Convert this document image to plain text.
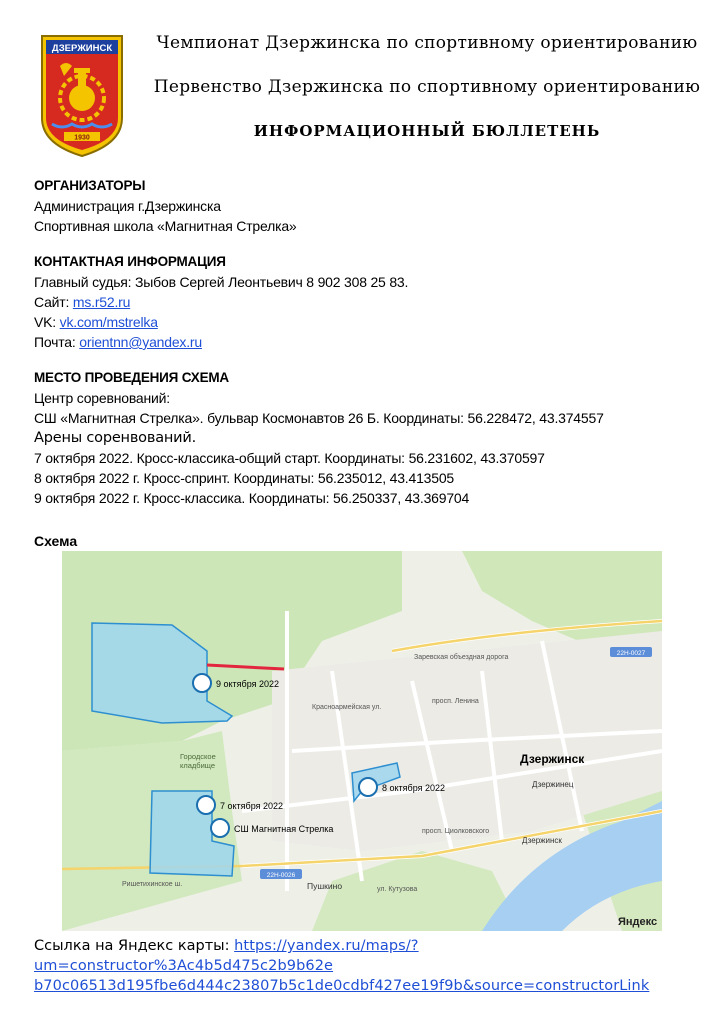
ДЗЕРЖИНСК
1930
Чемпионат Дзержинска по спортивному ориентированию
Первенство Дзержинска по спортивному ориентированию
ИНФОРМАЦИОННЫЙ БЮЛЛЕТЕНЬ

ОРГАНИЗАТОРЫ

Администрация г.Дзержинска

Спортивная школа «Магнитная Стрелка»

КОНТАКТНАЯ ИНФОРМАЦИЯ

Главный судья: Зыбов Сергей Леонтьевич 8 902 308 25 83.

Сайт: ms.r52.ru

VK: vk.com/mstrelka

Почта: orientnn@yandex.ru

МЕСТО ПРОВЕДЕНИЯ СХЕМА

Центр соревнований:

СШ «Магнитная Стрелка». бульвар Космонавтов 26 Б. Координаты: 56.228472, 43.374557

Арены соренвований.

7 октября 2022. Кросс-классика-общий старт. Координаты: 56.231602, 43.370597

8 октября 2022 г. Кросс-спринт. Координаты: 56.235012, 43.413505

9 октября 2022 г. Кросс-классика. Координаты: 56.250337, 43.369704

Схема
9 октября 2022
8 октября 2022
7 октября 2022
СШ Магнитная Стрелка
Дзержинск
Городское кладбище
Пушкино
Дзержинец
Дзержинск
Заревская объездная дорога
Красноармейская ул.
просп. Ленина
просп. Циолковского
ул. Кутузова
Ришетихинское ш.
22Н-0027
22Н-0026
Яндекс
Ссылка на Яндекс карты: https://yandex.ru/maps/?um=constructor%3Ac4b5d475c2b9b62e
b70c06513d195fbe6d444c23807b5c1de0cdbf427ee19f9b&source=constructorLink
